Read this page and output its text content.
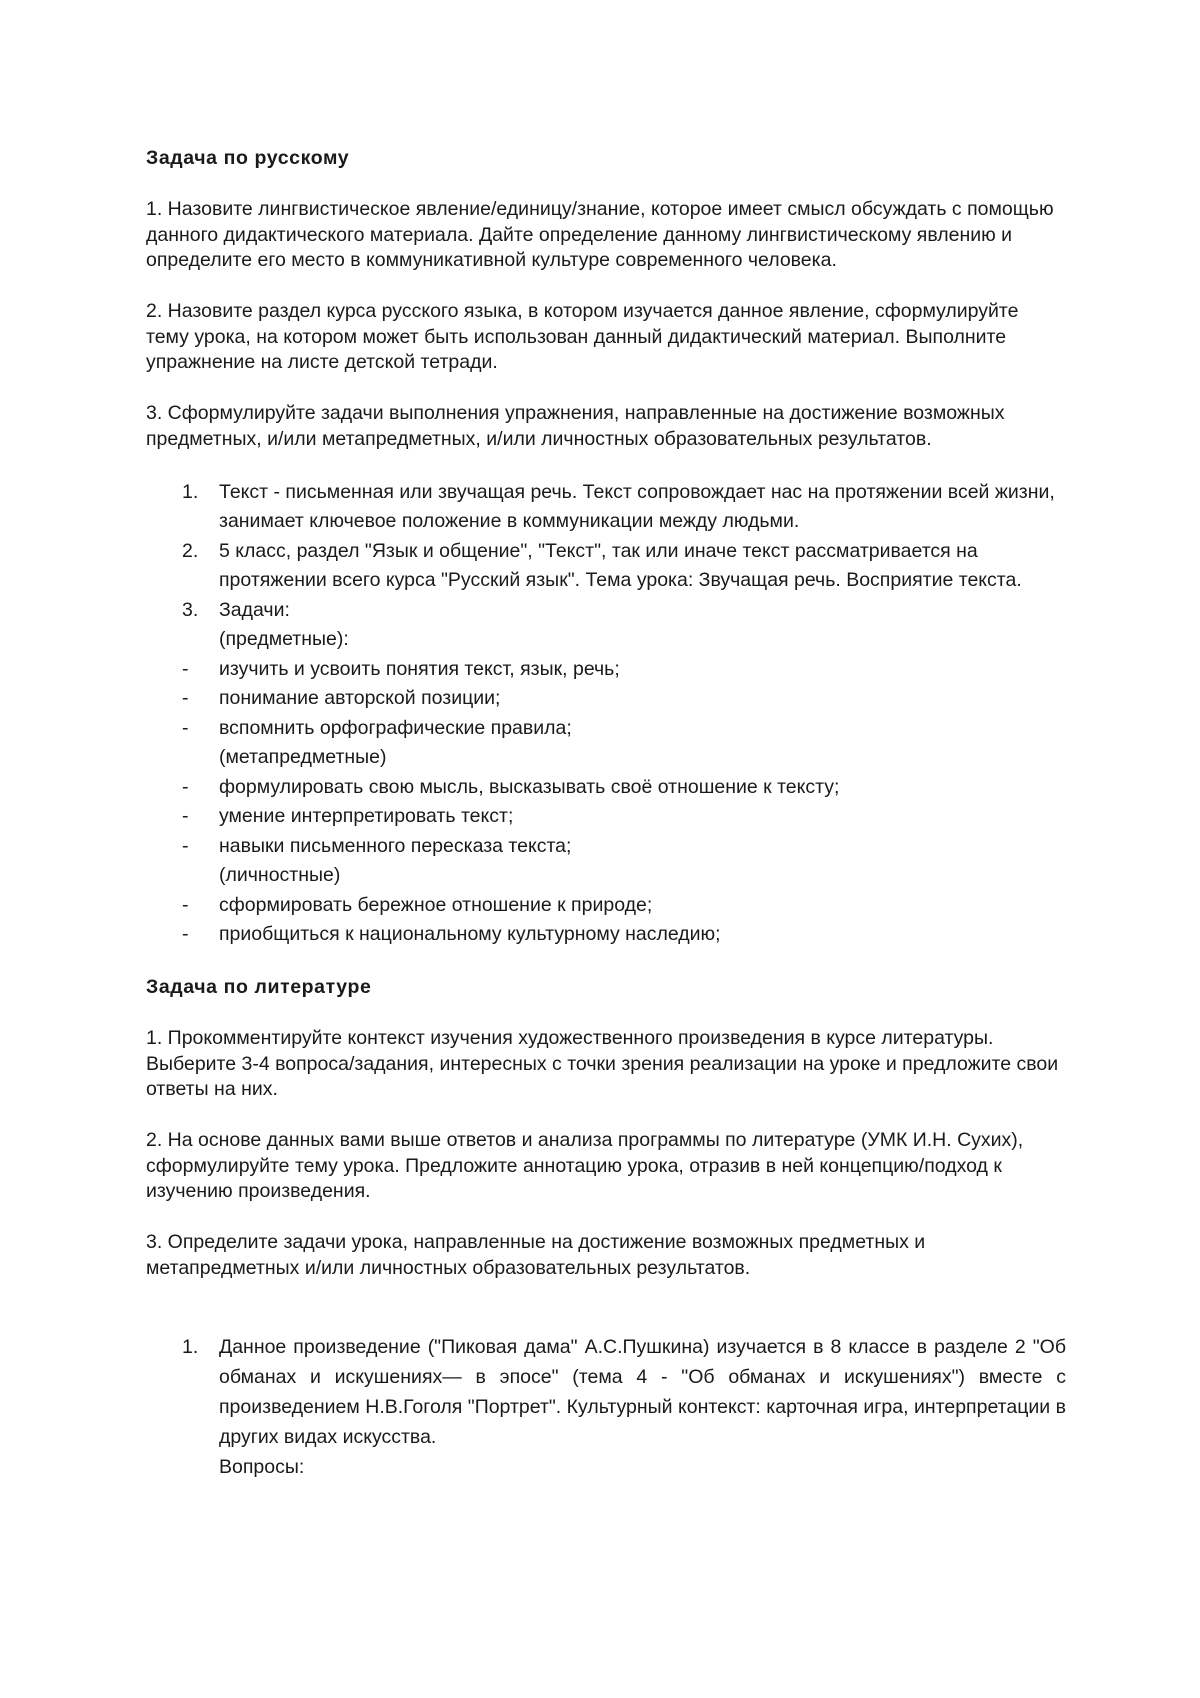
Задача по русскому

1. Назовите лингвистическое явление/единицу/знание, которое имеет смысл обсуждать с помощью данного дидактического материала. Дайте определение данному лингвистическому явлению и определите его место в коммуникативной культуре современного человека.

2. Назовите раздел курса русского языка, в котором изучается данное явление, сформулируйте тему урока, на котором может быть использован данный дидактический материал. Выполните упражнение на листе детской тетради.

3. Сформулируйте задачи выполнения упражнения, направленные на достижение возможных предметных, и/или метапредметных, и/или личностных образовательных результатов.

1. Текст - письменная или звучащая речь. Текст сопровождает нас на протяжении всей жизни, занимает ключевое положение в коммуникации между людьми.
2. 5 класс, раздел "Язык и общение", "Текст", так или иначе текст рассматривается на протяжении всего курса "Русский язык". Тема урока: Звучащая речь. Восприятие текста.
3. Задачи:
(предметные):
- изучить и усвоить понятия текст, язык, речь;
- понимание авторской позиции;
- вспомнить орфографические правила;
(метапредметные)
- формулировать свою мысль, высказывать своё отношение к тексту;
- умение интерпретировать текст;
- навыки письменного пересказа текста;
(личностные)
- сформировать бережное отношение к природе;
- приобщиться к национальному культурному наследию;
Задача по литературе

1. Прокомментируйте контекст изучения художественного произведения в курсе литературы. Выберите 3-4 вопроса/задания, интересных с точки зрения реализации на уроке и предложите свои ответы на них.

2. На основе данных вами выше ответов и анализа программы по литературе (УМК И.Н. Сухих), сформулируйте тему урока. Предложите аннотацию урока, отразив в ней концепцию/подход к изучению произведения.

3. Определите задачи урока, направленные на достижение возможных предметных и метапредметных и/или личностных образовательных результатов.

1. Данное произведение ("Пиковая дама" А.С.Пушкина) изучается в 8 классе в разделе 2 "Об обманах и искушениях— в эпосе" (тема 4 - "Об обманах и искушениях") вместе с произведением Н.В.Гоголя "Портрет". Культурный контекст: карточная игра, интерпретации в других видах искусства.
Вопросы:
